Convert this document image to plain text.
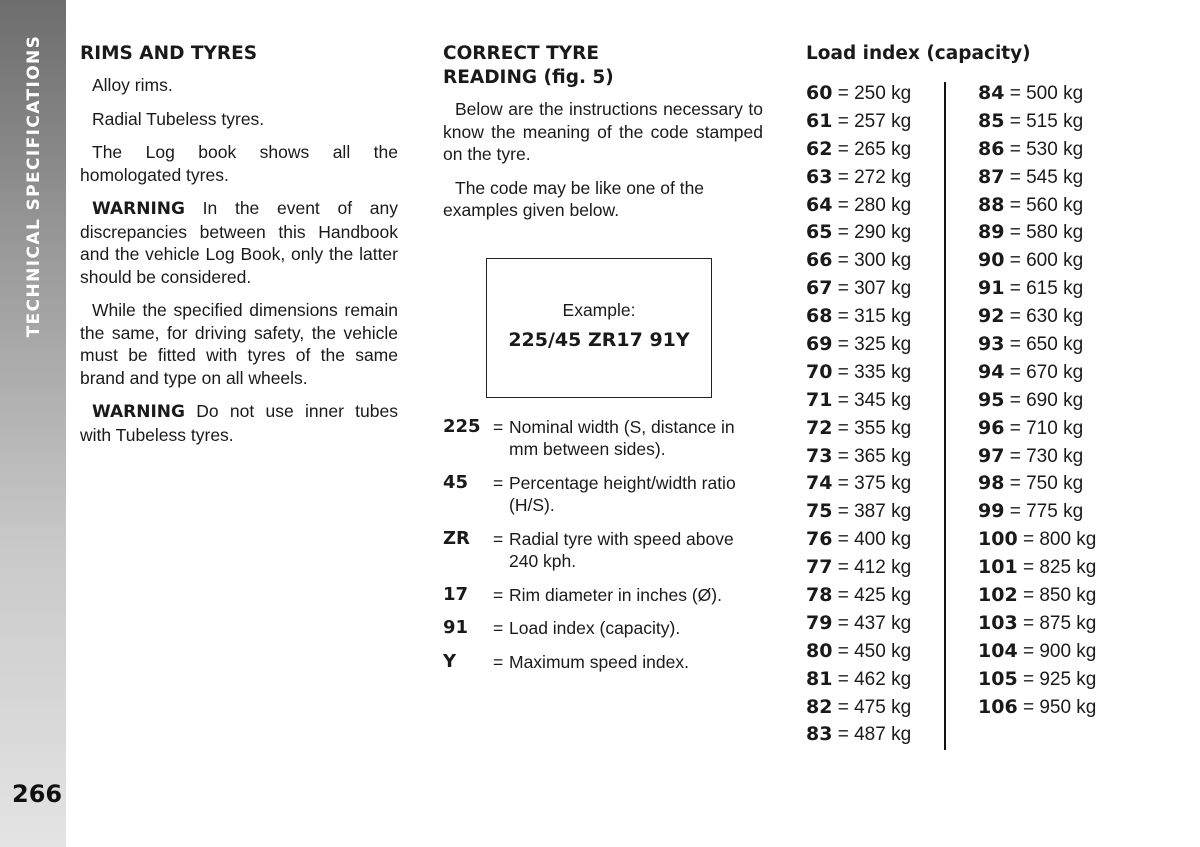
TECHNICAL SPECIFICATIONS
266
RIMS AND TYRES

Alloy rims.

Radial Tubeless tyres.

The Log book shows all the homologated tyres.

WARNING In the event of any discrepancies between this Handbook and the vehicle Log Book, only the latter should be considered.

While the specified dimensions remain the same, for driving safety, the vehicle must be fitted with tyres of the same brand and type on all wheels.

WARNING Do not use inner tubes with Tubeless tyres.

CORRECT TYRE
READING (fig. 5)

Below are the instructions necessary to know the meaning of the code stamped on the tyre.

The code may be like one of the examples given below.

Example:
225/45 ZR17 91Y
225 = Nominal width (S, distance in mm between sides).
45	= Percentage height/width ratio (H/S).
ZR	= Radial tyre with speed above 240 kph.
17	= Rim diameter in inches (Ø).
91	= Load index (capacity).
Y	= Maximum speed index.
Load index (capacity)
60 = 250 kg
61 = 257 kg
62 = 265 kg
63 = 272 kg
64 = 280 kg
65 = 290 kg
66 = 300 kg
67 = 307 kg
68 = 315 kg
69 = 325 kg
70 = 335 kg
71 = 345 kg
72 = 355 kg
73 = 365 kg
74 = 375 kg
75 = 387 kg
76 = 400 kg
77 = 412 kg
78 = 425 kg
79 = 437 kg
80 = 450 kg
81 = 462 kg
82 = 475 kg
83 = 487 kg
84 = 500 kg
85 = 515 kg
86 = 530 kg
87 = 545 kg
88 = 560 kg
89 = 580 kg
90 = 600 kg
91 = 615 kg
92 = 630 kg
93 = 650 kg
94 = 670 kg
95 = 690 kg
96 = 710 kg
97 = 730 kg
98 = 750 kg
99 = 775 kg
100 = 800 kg
101 = 825 kg
102 = 850 kg
103 = 875 kg
104 = 900 kg
105 = 925 kg
106 = 950 kg
